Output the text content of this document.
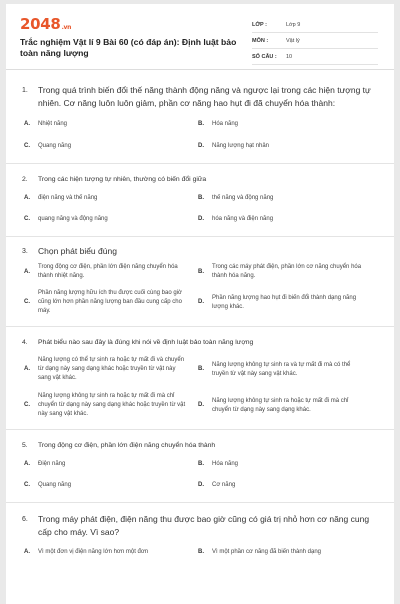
2048.vn
Trắc nghiệm Vật lí 9 Bài 60 (có đáp án): Định luật bảo toàn năng lượng
LỚP :	Lớp 9
MÔN :	Vật lý
SỐ CÂU :	10
1.	Trong quá trình biến đổi thế năng thành động năng và ngược lại trong các hiện tượng tự nhiên. Cơ năng luôn luôn giảm, phần cơ năng hao hụt đi đã chuyển hóa thành:
A.	Nhiệt năng	B.	Hóa năng
C.	Quang năng	D.	Năng lượng hạt nhân
2.	Trong các hiện tượng tự nhiên, thường có biến đổi giữa
A.	điện năng và thế năng	B.	thế năng và động năng
C.	quang năng và động năng	D.	hóa năng và điện năng
3.	Chọn phát biểu đúng
A.
Trong động cơ điện, phần lớn điện năng chuyển hóa thành nhiệt năng.
B.
Trong các máy phát điện, phần lớn cơ năng chuyển hóa thành hóa năng.
C.
Phần năng lượng hữu ích thu được cuối cùng bao giờ cũng lớn hơn phần năng lượng ban đầu cung cấp cho máy.
D.
Phần năng lượng hao hụt đi biến đổi thành dạng năng lượng khác.
4.	Phát biểu nào sau đây là đúng khi nói về định luật bảo toàn năng lượng
A.
Năng lượng có thể tự sinh ra hoặc tự mất đi và chuyển từ dạng này sang dạng khác hoặc truyền từ vật này sang vật khác.
B.
Năng lượng không tự sinh ra và tự mất đi mà có thể truyền từ vật này sang vật khác.
C.
Năng lượng không tự sinh ra hoặc tự mất đi mà chỉ chuyển từ dạng này sang dạng khác hoặc truyền từ vật này sang vật khác.
D.
Năng lượng không tự sinh ra hoặc tự mất đi mà chỉ chuyển từ dạng này sang dạng khác.
5.	Trong động cơ điện, phần lớn điện năng chuyển hóa thành
A.	Điện năng	B.	Hóa năng
C.	Quang năng	D.	Cơ năng
6.	Trong máy phát điện, điện năng thu được bao giờ cũng có giá trị nhỏ hơn cơ năng cung cấp cho máy. Vì sao?
A.	Vì một đơn vị điện năng lớn hơn một đơn	B.	Vì một phần cơ năng đã biến thành dạng
